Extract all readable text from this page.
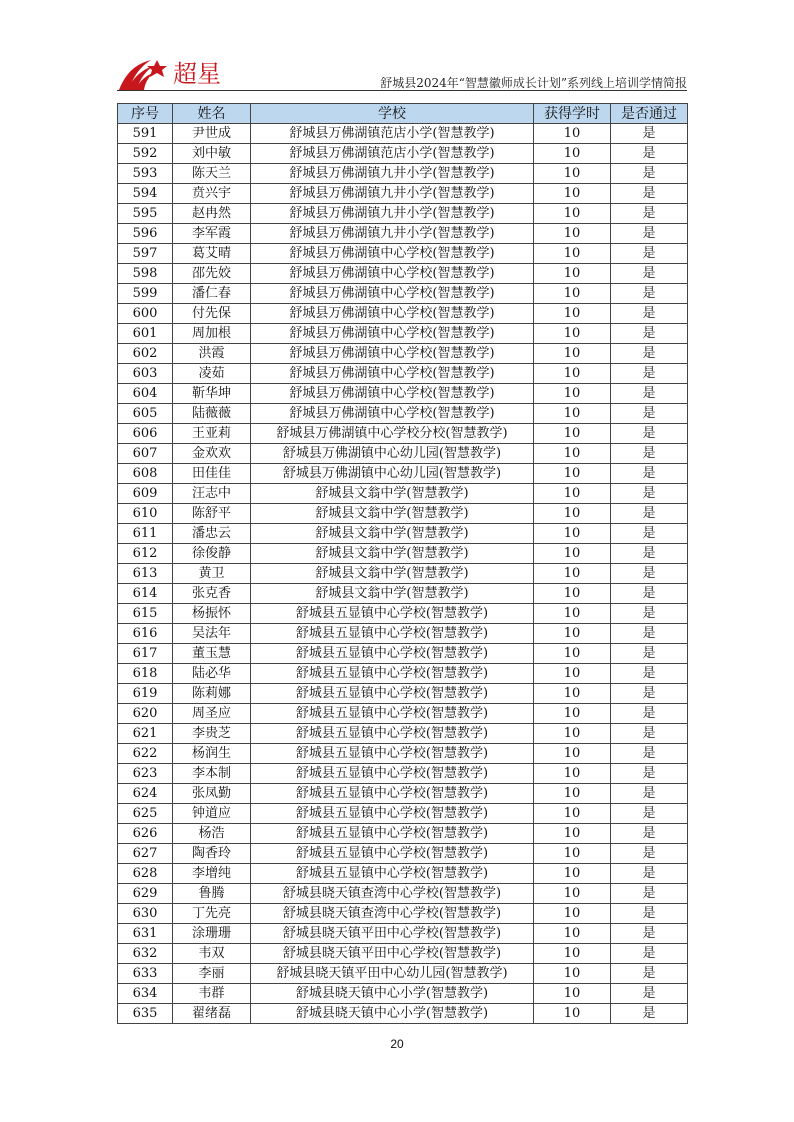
超星	舒城县2024年“智慧徽师成长计划”系列线上培训学情简报
序号	姓名	学校	获得学时	是否通过
591	尹世成	舒城县万佛湖镇范店小学(智慧教学)	10	是
592	刘中敏	舒城县万佛湖镇范店小学(智慧教学)	10	是
593	陈天兰	舒城县万佛湖镇九井小学(智慧教学)	10	是
594	贲兴宇	舒城县万佛湖镇九井小学(智慧教学)	10	是
595	赵冉然	舒城县万佛湖镇九井小学(智慧教学)	10	是
596	李军霞	舒城县万佛湖镇九井小学(智慧教学)	10	是
597	葛艾晴	舒城县万佛湖镇中心学校(智慧教学)	10	是
598	邵先姣	舒城县万佛湖镇中心学校(智慧教学)	10	是
599	潘仁春	舒城县万佛湖镇中心学校(智慧教学)	10	是
600	付先保	舒城县万佛湖镇中心学校(智慧教学)	10	是
601	周加根	舒城县万佛湖镇中心学校(智慧教学)	10	是
602	洪霞	舒城县万佛湖镇中心学校(智慧教学)	10	是
603	凌茹	舒城县万佛湖镇中心学校(智慧教学)	10	是
604	靳华坤	舒城县万佛湖镇中心学校(智慧教学)	10	是
605	陆薇薇	舒城县万佛湖镇中心学校(智慧教学)	10	是
606	王亚莉	舒城县万佛湖镇中心学校分校(智慧教学)	10	是
607	金欢欢	舒城县万佛湖镇中心幼儿园(智慧教学)	10	是
608	田佳佳	舒城县万佛湖镇中心幼儿园(智慧教学)	10	是
609	汪志中	舒城县文翁中学(智慧教学)	10	是
610	陈舒平	舒城县文翁中学(智慧教学)	10	是
611	潘忠云	舒城县文翁中学(智慧教学)	10	是
612	徐俊静	舒城县文翁中学(智慧教学)	10	是
613	黄卫	舒城县文翁中学(智慧教学)	10	是
614	张克香	舒城县文翁中学(智慧教学)	10	是
615	杨振怀	舒城县五显镇中心学校(智慧教学)	10	是
616	吴法年	舒城县五显镇中心学校(智慧教学)	10	是
617	董玉慧	舒城县五显镇中心学校(智慧教学)	10	是
618	陆必华	舒城县五显镇中心学校(智慧教学)	10	是
619	陈莉娜	舒城县五显镇中心学校(智慧教学)	10	是
620	周圣应	舒城县五显镇中心学校(智慧教学)	10	是
621	李贵芝	舒城县五显镇中心学校(智慧教学)	10	是
622	杨润生	舒城县五显镇中心学校(智慧教学)	10	是
623	李本制	舒城县五显镇中心学校(智慧教学)	10	是
624	张凤勤	舒城县五显镇中心学校(智慧教学)	10	是
625	钟道应	舒城县五显镇中心学校(智慧教学)	10	是
626	杨浩	舒城县五显镇中心学校(智慧教学)	10	是
627	陶香玲	舒城县五显镇中心学校(智慧教学)	10	是
628	李增纯	舒城县五显镇中心学校(智慧教学)	10	是
629	鲁腾	舒城县晓天镇查湾中心学校(智慧教学)	10	是
630	丁先亮	舒城县晓天镇查湾中心学校(智慧教学)	10	是
631	涂珊珊	舒城县晓天镇平田中心学校(智慧教学)	10	是
632	韦双	舒城县晓天镇平田中心学校(智慧教学)	10	是
633	李丽	舒城县晓天镇平田中心幼儿园(智慧教学)	10	是
634	韦群	舒城县晓天镇中心小学(智慧教学)	10	是
635	翟绪磊	舒城县晓天镇中心小学(智慧教学)	10	是
20
